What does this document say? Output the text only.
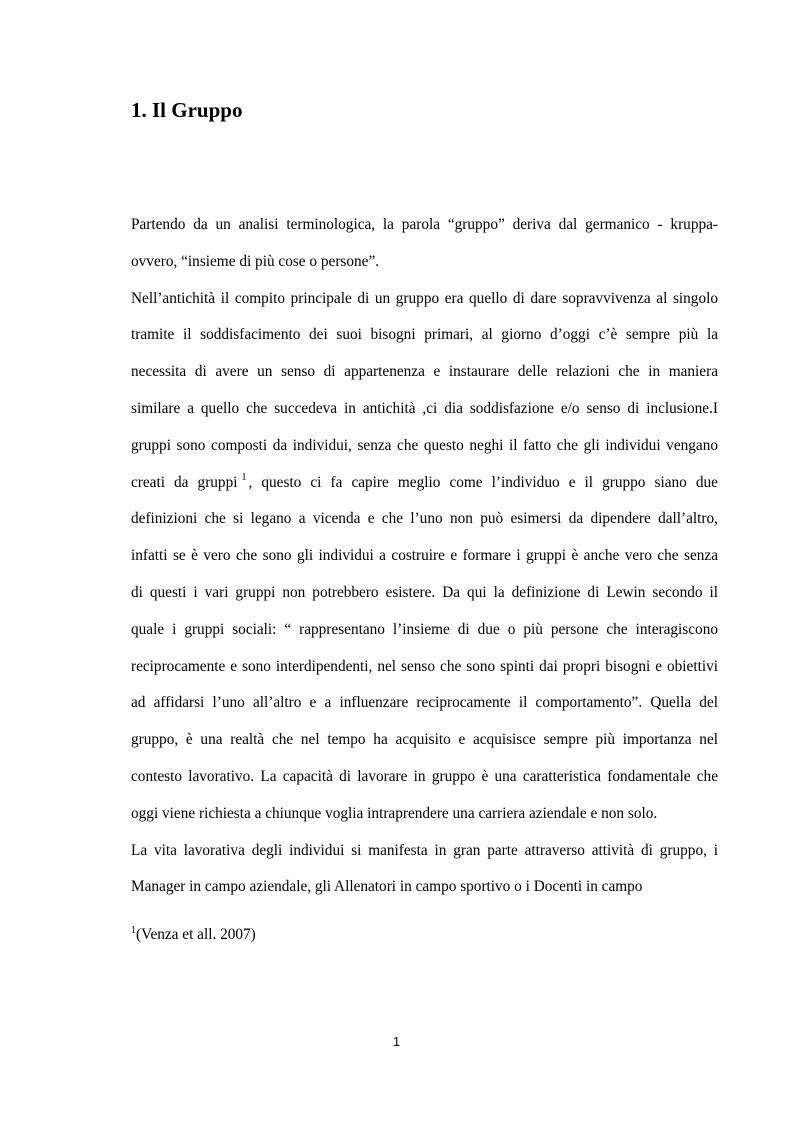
1. Il Gruppo
Partendo da un analisi terminologica, la parola “gruppo” deriva dal germanico - kruppa-
ovvero, “insieme di più cose o persone”.
Nell’antichità il compito principale di un gruppo era quello di dare sopravvivenza al singolo
tramite il soddisfacimento dei suoi bisogni primari, al giorno d’oggi c’è sempre più la
necessita di avere un senso di appartenenza e instaurare delle relazioni che in maniera
similare a quello che succedeva in antichità ,ci dia soddisfazione e/o senso di inclusione.I
gruppi sono composti da individui, senza che questo neghi il fatto che gli individui vengano
creati da gruppi $^1$ , questo ci fa capire meglio come l’individuo e il gruppo siano due
definizioni che si legano a vicenda e che l’uno non può esimersi da dipendere dall’altro,
infatti se è vero che sono gli individui a costruire e formare i gruppi è anche vero che senza
di questi i vari gruppi non potrebbero esistere. Da qui la definizione di Lewin secondo il
quale i gruppi sociali: “ rappresentano l’insieme di due o più persone che interagiscono
reciprocamente e sono interdipendenti, nel senso che sono spinti dai propri bisogni e obiettivi
ad affidarsi l’uno all’altro e a influenzare reciprocamente il comportamento”. Quella del
gruppo, è una realtà che nel tempo ha acquisito e acquisisce sempre più importanza nel
contesto lavorativo. La capacità di lavorare in gruppo è una caratteristica fondamentale che
oggi viene richiesta a chiunque voglia intraprendere una carriera aziendale e non solo.
La vita lavorativa degli individui si manifesta in gran parte attraverso attività di gruppo, i
Manager in campo aziendale, gli Allenatori in campo sportivo o i Docenti in campo
$^1$(Venza et all. 2007)
1
